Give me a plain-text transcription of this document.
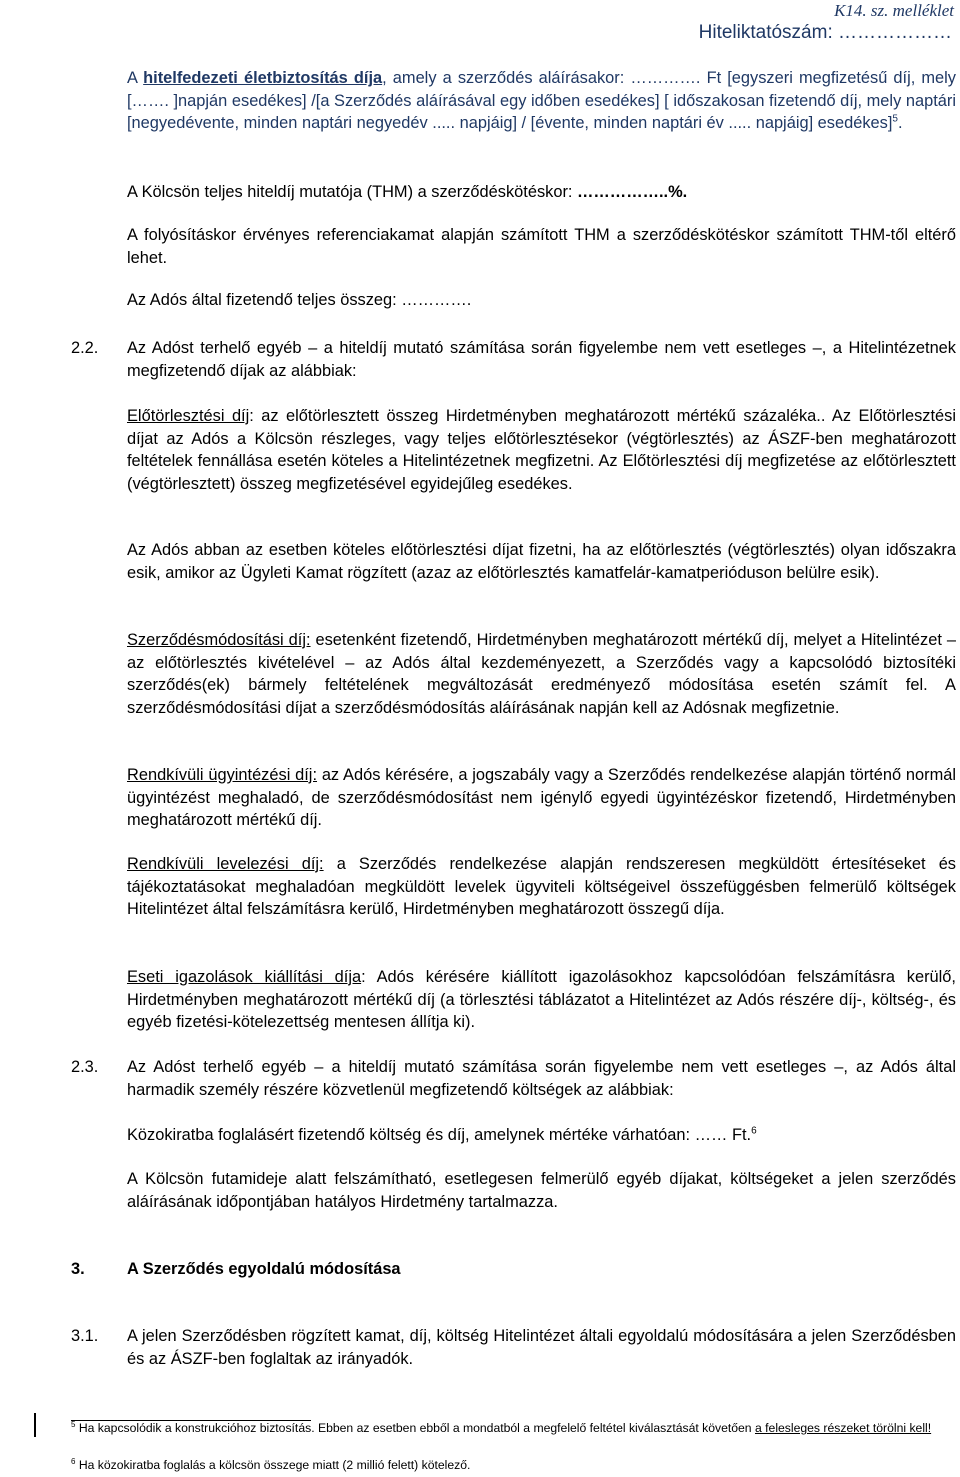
K14. sz. melléklet
Hiteliktatószám: ………………
A hitelfedezeti életbiztosítás díja, amely a szerződés aláírásakor: …………. Ft [egyszeri megfizetésű díj, mely [……. ]napján esedékes] /[a Szerződés aláírásával egy időben esedékes] [ időszakosan fizetendő díj, mely naptári [negyedévente, minden naptári negyedév ..... napjáig] / [évente, minden naptári év ..... napjáig] esedékes]$^5$.
A Kölcsön teljes hiteldíj mutatója (THM) a szerződéskötéskor: ……………..%.
A folyósításkor érvényes referenciakamat alapján számított THM a szerződéskötéskor számított THM-től eltérő lehet.
Az Adós által fizetendő teljes összeg: ………….
2.2. Az Adóst terhelő egyéb – a hiteldíj mutató számítása során figyelembe nem vett esetleges –, a Hitelintézetnek megfizetendő díjak az alábbiak:
Előtörlesztési díj: az előtörlesztett összeg Hirdetményben meghatározott mértékű százaléka.. Az Előtörlesztési díjat az Adós a Kölcsön részleges, vagy teljes előtörlesztésekor (végtörlesztés) az ÁSZF-ben meghatározott feltételek fennállása esetén köteles a Hitelintézetnek megfizetni. Az Előtörlesztési díj megfizetése az előtörlesztett (végtörlesztett) összeg megfizetésével egyidejűleg esedékes.
Az Adós abban az esetben köteles előtörlesztési díjat fizetni, ha az előtörlesztés (végtörlesztés) olyan időszakra esik, amikor az Ügyleti Kamat rögzített (azaz az előtörlesztés kamatfelár-kamatperióduson belülre esik).
Szerződésmódosítási díj: esetenként fizetendő, Hirdetményben meghatározott mértékű díj, melyet a Hitelintézet – az előtörlesztés kivételével – az Adós által kezdeményezett, a Szerződés vagy a kapcsolódó biztosítéki szerződés(ek) bármely feltételének megváltozását eredményező módosítása esetén számít fel. A szerződésmódosítási díjat a szerződésmódosítás aláírásának napján kell az Adósnak megfizetnie.
Rendkívüli ügyintézési díj: az Adós kérésére, a jogszabály vagy a Szerződés rendelkezése alapján történő normál ügyintézést meghaladó, de szerződésmódosítást nem igénylő egyedi ügyintézéskor fizetendő, Hirdetményben meghatározott mértékű díj.
Rendkívüli levelezési díj: a Szerződés rendelkezése alapján rendszeresen megküldött értesítéseket és tájékoztatásokat meghaladóan megküldött levelek ügyviteli költségeivel összefüggésben felmerülő költségek Hitelintézet által felszámításra kerülő, Hirdetményben meghatározott összegű díja.
Eseti igazolások kiállítási díja: Adós kérésére kiállított igazolásokhoz kapcsolódóan felszámításra kerülő, Hirdetményben meghatározott mértékű díj (a törlesztési táblázatot a Hitelintézet az Adós részére díj-, költség-, és egyéb fizetési-kötelezettség mentesen állítja ki).
2.3. Az Adóst terhelő egyéb – a hiteldíj mutató számítása során figyelembe nem vett esetleges –, az Adós által harmadik személy részére közvetlenül megfizetendő költségek az alábbiak:
Közokiratba foglalásért fizetendő költség és díj, amelynek mértéke várhatóan: …… Ft.$^6$
A Kölcsön futamideje alatt felszámítható, esetlegesen felmerülő egyéb díjakat, költségeket a jelen szerződés aláírásának időpontjában hatályos Hirdetmény tartalmazza.
3.	A Szerződés egyoldalú módosítása
3.1. A jelen Szerződésben rögzített kamat, díj, költség Hitelintézet általi egyoldalú módosítására a jelen Szerződésben és az ÁSZF-ben foglaltak az irányadók.
$^5$ Ha kapcsolódik a konstrukcióhoz biztosítás. Ebben az esetben ebből a mondatból a megfelelő feltétel kiválasztását követően a felesleges részeket törölni kell!
$^6$ Ha közokiratba foglalás a kölcsön összege miatt (2 millió felett) kötelező.
